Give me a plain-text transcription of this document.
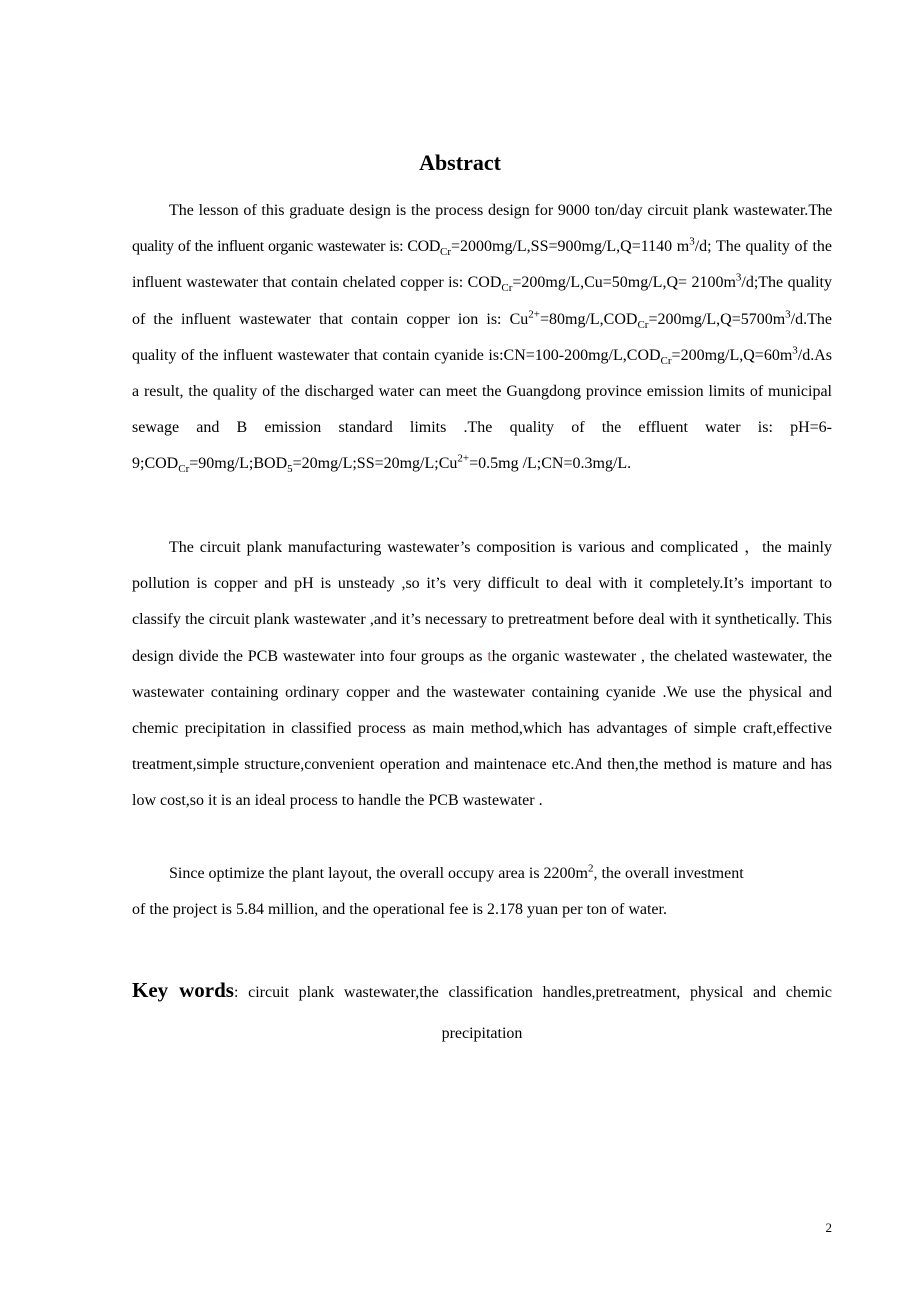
Abstract

The lesson of this graduate design is the process design for 9000 ton/day circuit plank wastewater.The quality of the influent organic wastewater is: $COD_{Cr}=2000mg/L,SS=900mg/L,Q=1140$ $m^3/d$; The quality of the influent wastewater that contain chelated copper is: $COD_{Cr}=200mg/L,Cu=50mg/L,Q=$ $2100m^3/d;The$ quality of the influent wastewater that contain copper ion is: $Cu^{2+}=80mg/L,COD_{Cr}=200mg/L,Q=5700m^3/d.The$ quality of the influent wastewater that contain cyanide $is:CN=100-200mg/L,COD_{Cr}=200mg/L,Q=60m^3/d.As$ a result, the quality of the discharged water can meet the Guangdong province emission limits of municipal sewage and B emission standard limits .The quality of the effluent water is: $pH=6-9;COD_{Cr}=90mg/L;BOD_5=20mg/L;SS=20mg/L;Cu^{2+}=0.5mg$ /L;CN=0.3mg/L.

The circuit plank manufacturing wastewater’s composition is various and complicated ，the mainly pollution is copper and pH is unsteady ,so it’s very difficult to deal with it completely.It’s important to classify the circuit plank wastewater ,and it’s necessary to pretreatment before deal with it synthetically. This design divide the PCB wastewater into four groups as the organic wastewater , the chelated wastewater, the wastewater containing ordinary copper and the wastewater containing cyanide .We use the physical and chemic precipitation in classified process as main method,which has advantages of simple craft,effective treatment,simple structure,convenient operation and maintenace etc.And then,the method is mature and has low cost,so it is an ideal process to handle the PCB wastewater .

Since optimize the plant layout, the overall occupy area is $2200m^2$, the overall investment

of the project is 5.84 million, and the operational fee is 2.178 yuan per ton of water.

Key words: circuit plank wastewater,the classification handles,pretreatment, physical and chemic precipitation
2
